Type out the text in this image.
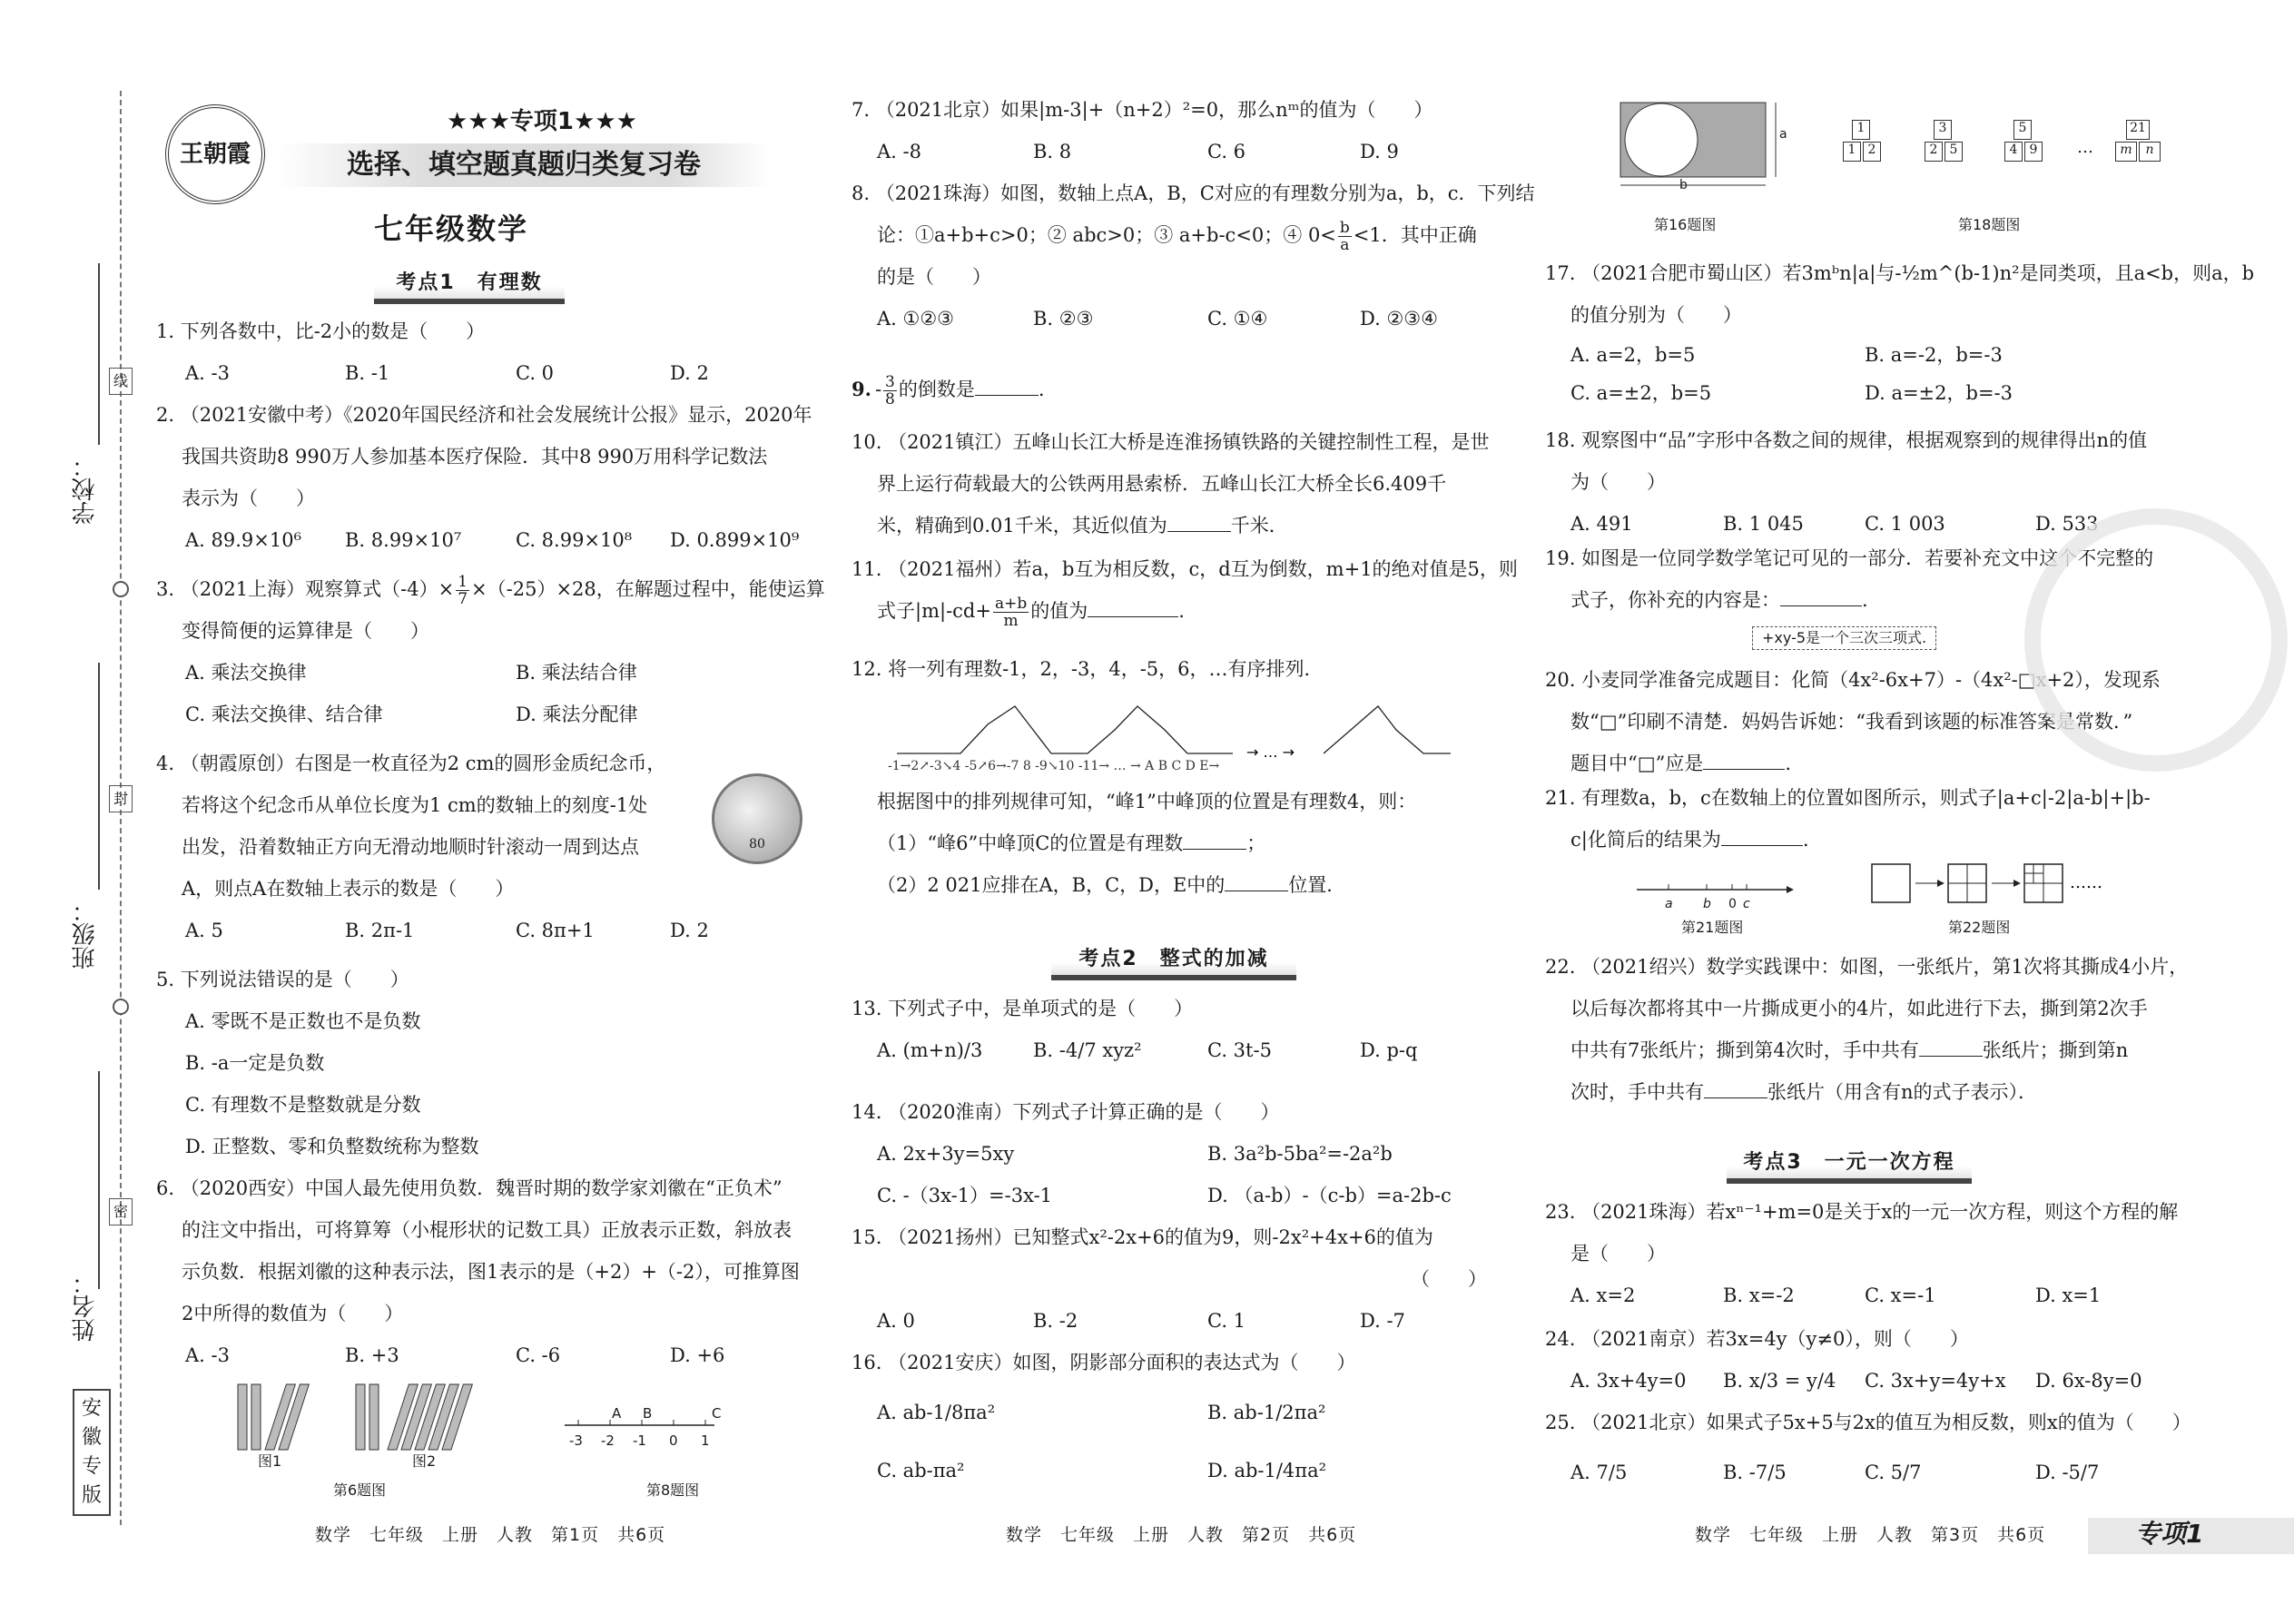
学校：
班级：
姓名：
线
封
密
安徽专版
王朝霞
★★★专项1★★★
选择、填空题真题归类复习卷
七年级数学
考点1　有理数

1. 下列各数中，比-2小的数是（　　）

A. -3	B. -1	C. 0	D. 2

2. （2021安徽中考）《2020年国民经济和社会发展统计公报》显示，2020年

我国共资助8 990万人参加基本医疗保险．其中8 990万用科学记数法

表示为（　　）

A. 89.9×10⁶ B. 8.99×10⁷	C. 8.99×10⁸ D. 0.899×10⁹

3. （2021上海）观察算式$(-4)\times \frac{1}{7} \times(-25)\times 28$，在解题过程中，能使运算

变得简便的运算律是（　　）

A. 乘法交换律	B. 乘法结合律
C. 乘法交换律、结合律	D. 乘法分配律

4. （朝霞原创）右图是一枚直径为2 cm的圆形金质纪念币，

若将这个纪念币从单位长度为1 cm的数轴上的刻度-1处

出发，沿着数轴正方向无滑动地顺时针滚动一周到达点

A，则点A在数轴上表示的数是（　　）

A. 5	B. 2π-1	C. 8π+1	D. 2
80

5. 下列说法错误的是（　　）

A. 零既不是正数也不是负数

B. -a一定是负数

C. 有理数不是整数就是分数

D. 正整数、零和负整数统称为整数

6. （2020西安）中国人最先使用负数．魏晋时期的数学家刘徽在“正负术”

的注文中指出，可将算筹（小棍形状的记数工具）正放表示正数，斜放表

示负数．根据刘徽的这种表示法，图1表示的是（+2）+（-2），可推算图

2中所得的数值为（　　）

A. -3	B. +3	C. -6	D. +6
图1	图2
-3 -2 -1 0 1
A B	C
第6题图	第8题图
数学　七年级　上册　人教　第1页　共6页

7. （2021北京）如果|m-3|+（n+2）²=0，那么nᵐ的值为（　　）

A. -8	B. 8	C. 6	D. 9

8. （2021珠海）如图，数轴上点A，B，C对应的有理数分别为a，b，c．下列结

论：①a+b+c>0；② abc>0；③ a+b-c<0；④ $0< \frac{b}{a} <1$．其中正确

的是（　　）

A. ①②③	B. ②③	C. ①④	D. ②③④

9. - $\frac{3}{8}$ 的倒数是	.

10. （2021镇江）五峰山长江大桥是连淮扬镇铁路的关键控制性工程，是世

界上运行荷载最大的公铁两用悬索桥．五峰山长江大桥全长6.409千

米，精确到0.01千米，其近似值为	千米．

11. （2021福州）若a，b互为相反数，c，d互为倒数，m+1的绝对值是5，则

式子$|m|-cd+ \frac{a+b}{m}$ 的值为	.

12. 将一列有理数-1，2，-3，4，-5，6，…有序排列．

→ … →
-1→2↗-3↘4 -5↗6→-7 8 -9↘10 -11→ … → A B C D E→

根据图中的排列规律可知，“峰1”中峰顶的位置是有理数4，则：

（1）“峰6”中峰顶C的位置是有理数	；

（2）2 021应排在A，B，C，D，E中的	位置．

考点2　整式的加减

13. 下列式子中，是单项式的是（　　）

A. (m+n)/3	B. -4/7 xyz²	C. 3t-5	D. p-q

14. （2020淮南）下列式子计算正确的是（　　）

A. 2x+3y=5xy	B. 3a²b-5ba²=-2a²b
C. -（3x-1）=-3x-1	D. （a-b）-（c-b）=a-2b-c

15. （2021扬州）已知整式x²-2x+6的值为9，则-2x²+4x+6的值为

（　　）

A. 0	B. -2	C. 1	D. -7

16. （2021安庆）如图，阴影部分面积的表达式为（　　）

A. ab-1/8πa²	B. ab-1/2πa²
C. ab-πa²	D. ab-1/4πa²
数学　七年级　上册　人教　第2页　共6页
b
a	1
1 2
3
2 5
5
4 9	…
21
m	n
第16题图	第18题图

17. （2021合肥市蜀山区）若3mᵇn|a|与-½m^(b-1)n²是同类项，且a<b，则a，b

的值分别为（　　）

A. a=2，b=5	B. a=-2，b=-3
C. a=±2，b=5	D. a=±2，b=-3

18. 观察图中“品”字形中各数之间的规律，根据观察到的规律得出n的值

为（　　）

A. 491	B. 1 045	C. 1 003	D. 533

19. 如图是一位同学数学笔记可见的一部分．若要补充文中这个不完整的

式子，你补充的内容是：	.

+xy-5是一个三次三项式.

20. 小麦同学准备完成题目：化简（4x²-6x+7）-（4x²-□x+2），发现系

数“□”印刷不清楚．妈妈告诉她：“我看到该题的标准答案是常数．”

题目中“□”应是	.

21. 有理数a，b，c在数轴上的位置如图所示，则式子|a+c|-2|a-b|+|b-

c|化简后的结果为	.

a b 0 c
……
第21题图	第22题图

22. （2021绍兴）数学实践课中：如图，一张纸片，第1次将其撕成4小片，

以后每次都将其中一片撕成更小的4片，如此进行下去，撕到第2次手

中共有7张纸片；撕到第4次时，手中共有	张纸片；撕到第n

次时，手中共有	张纸片（用含有n的式子表示）．

考点3　一元一次方程

23. （2021珠海）若xⁿ⁻¹+m=0是关于x的一元一次方程，则这个方程的解

是（　　）

A. x=2	B. x=-2	C. x=-1	D. x=1

24. （2021南京）若3x=4y（y≠0），则（　　）

A. 3x+4y=0 B. x/3 = y/4 C. 3x+y=4y+x D. 6x-8y=0

25. （2021北京）如果式子5x+5与2x的值互为相反数，则x的值为（　　）

A. 7/5	B. -7/5	C. 5/7	D. -5/7
数学　七年级　上册　人教　第3页　共6页	专项1
